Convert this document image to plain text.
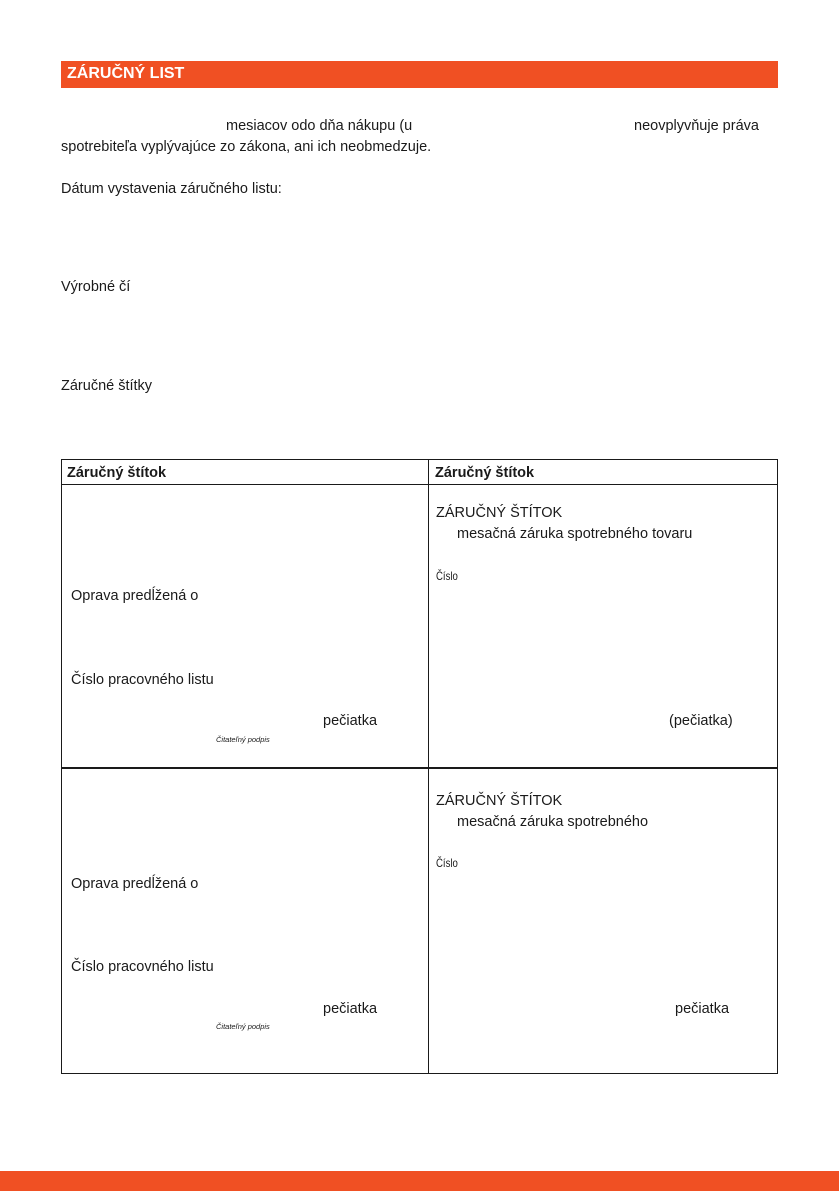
ZÁRUČNÝ LIST
mesiacov odo dňa nákupu (u	neovplyvňuje práva
spotrebiteľa vyplývajúce zo zákona, ani ich neobmedzuje.
Dátum vystavenia záručného listu:
Výrobné čí
Záručné štítky
Záručný štítok	Záručný štítok
Oprava predĺžená o
Číslo pracovného listu
pečiatka
Čitateľný podpis
ZÁRUČNÝ ŠTÍTOK
mesačná záruka spotrebného tovaru
Číslo
(pečiatka)
Oprava predĺžená o
Číslo pracovného listu
pečiatka
Čitateľný podpis
ZÁRUČNÝ ŠTÍTOK
mesačná záruka spotrebného
Číslo
pečiatka
